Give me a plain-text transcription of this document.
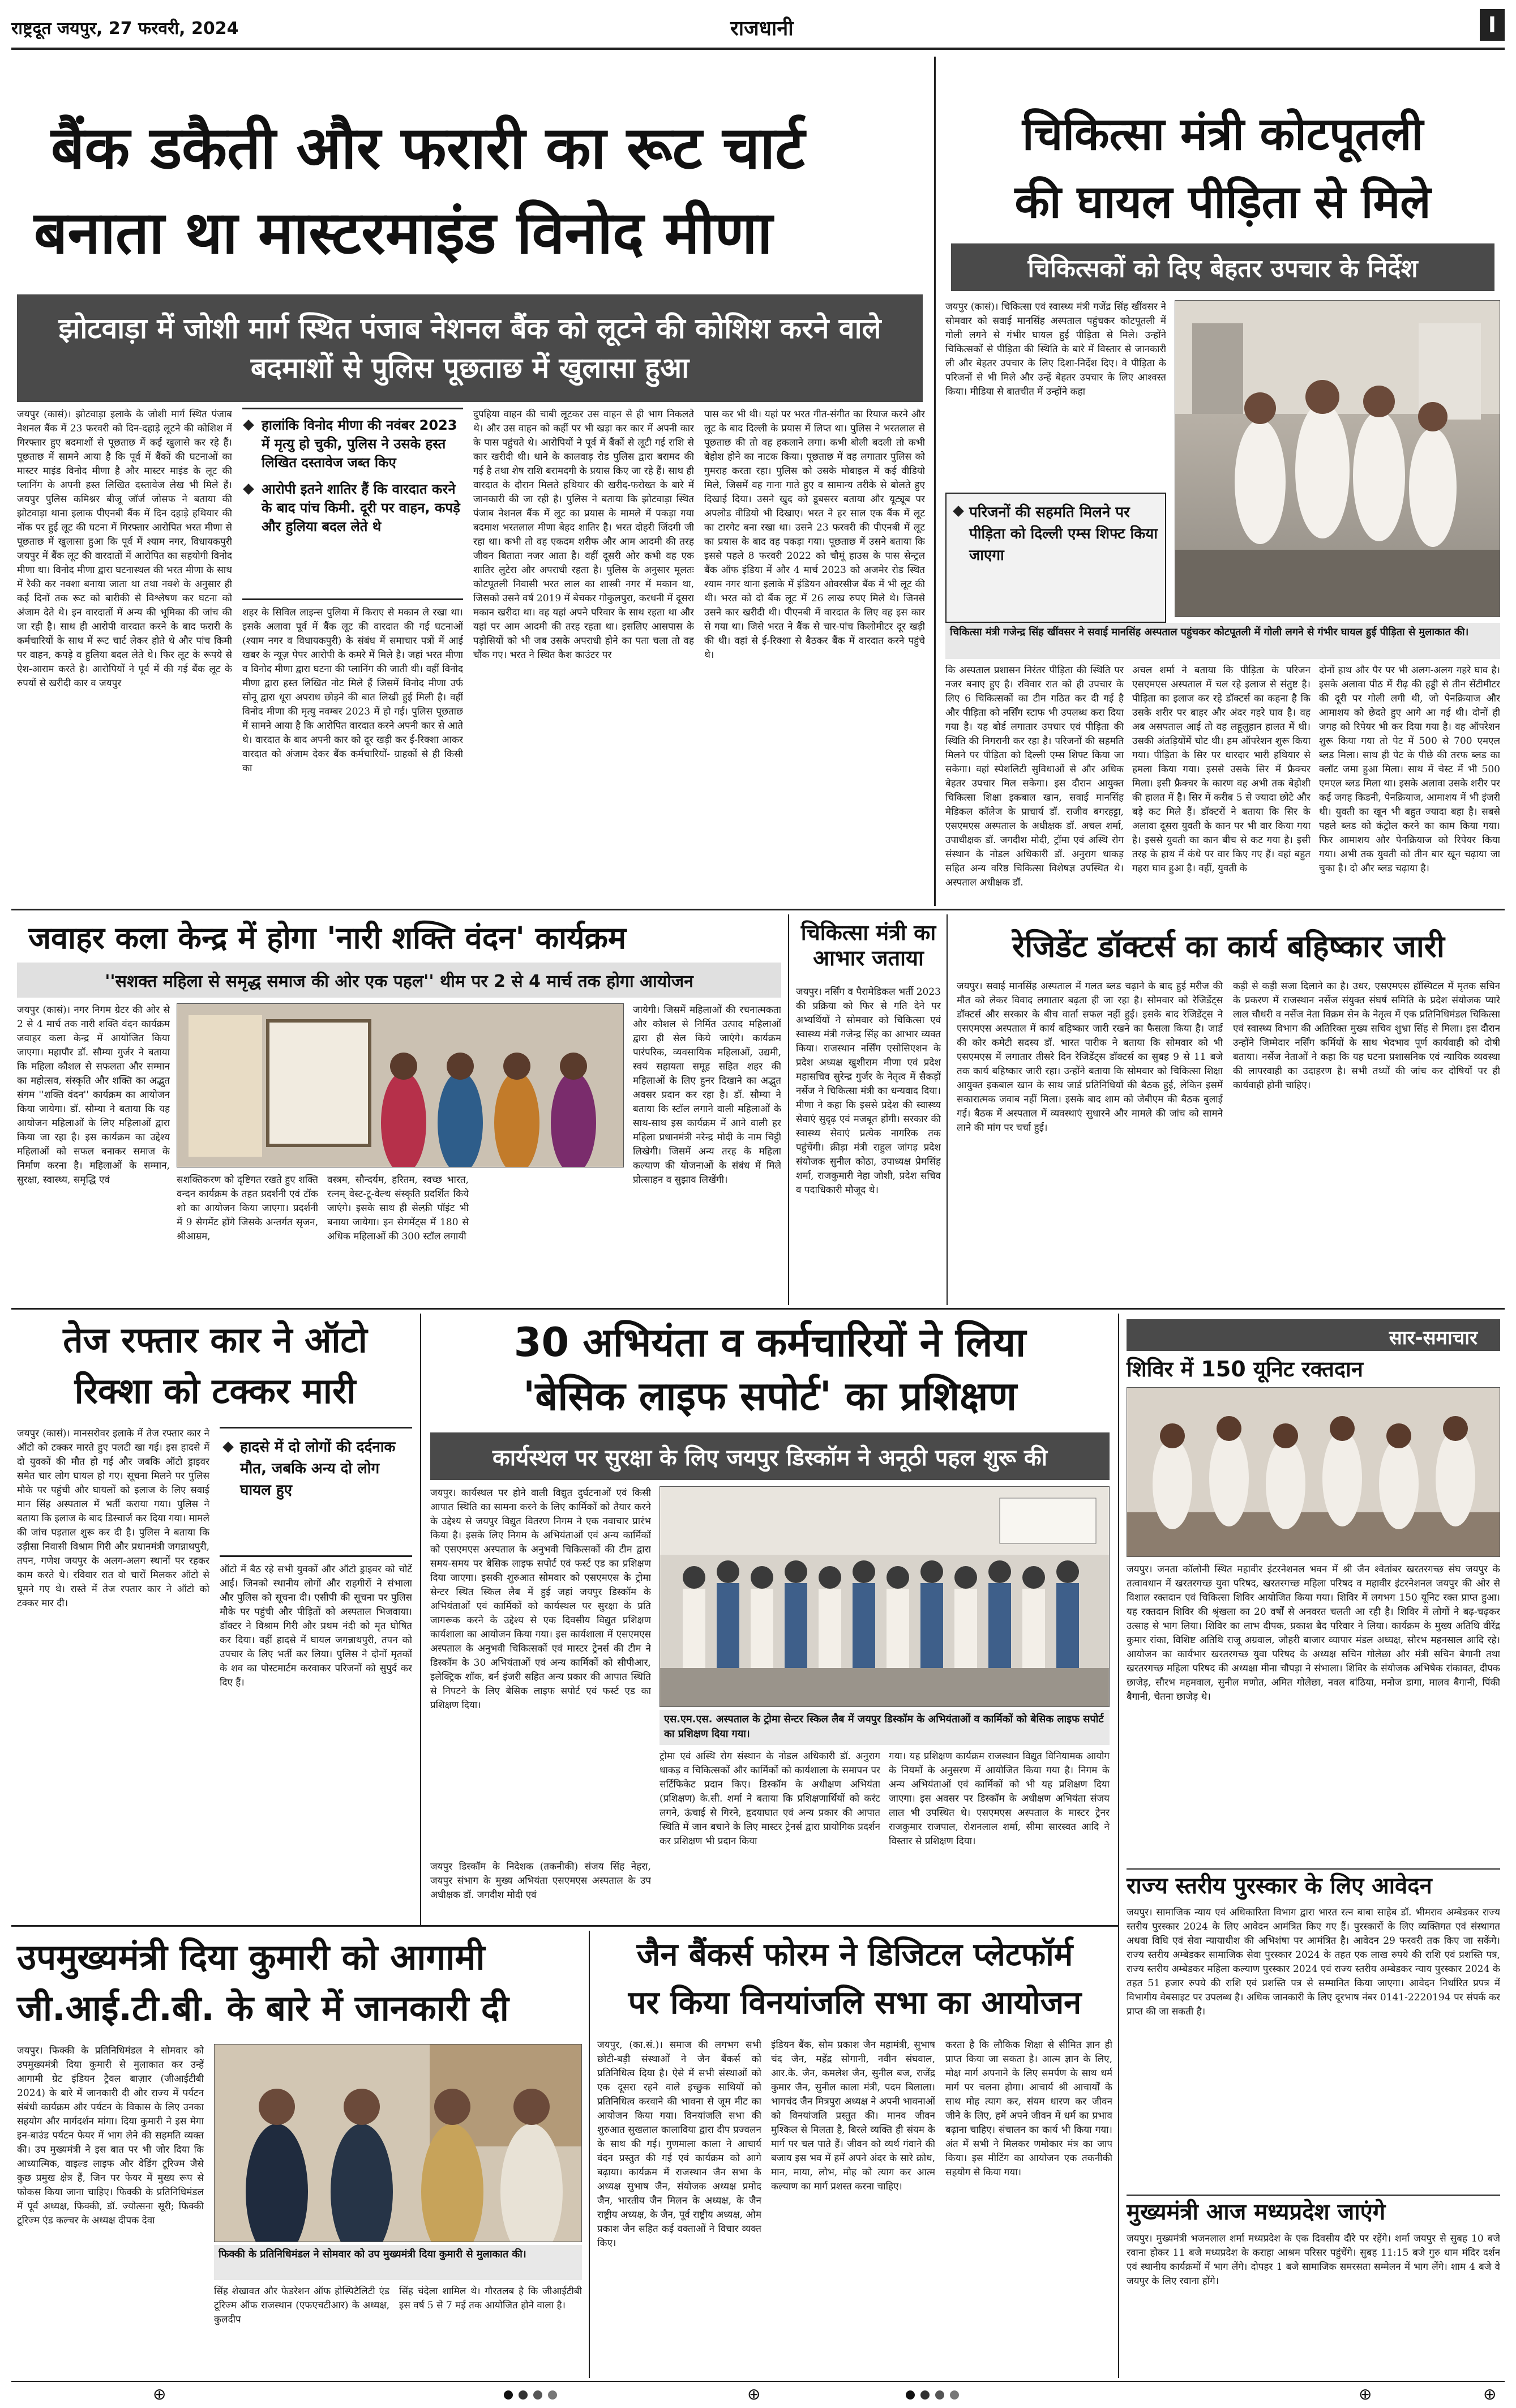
राष्ट्रदूत जयपुर, 27 फरवरी, 2024	राजधानी	I
बैंक डकैती और फरारी का रूट चार्ट
बनाता था मास्टरमाइंड विनोद मीणा
झोटवाड़ा में जोशी मार्ग स्थित पंजाब नेशनल बैंक को लूटने की कोशिश करने वाले बदमाशों से पुलिस पूछताछ में खुलासा हुआ
जयपुर (कासं)। झोटवाड़ा इलाके के जोशी मार्ग स्थित पंजाब नेशनल बैंक में 23 फरवरी को दिन-दहाड़े लूटने की कोशिश में गिरफ्तार हुए बदमाशों से पूछताछ में कई खुलासे कर रहे हैं। पूछताछ में सामने आया है कि पूर्व में बैंकों की घटनाओं का मास्टर माइंड विनोद मीणा है और मास्टर माइंड के लूट की प्लानिंग के अपनी हस्त लिखित दस्तावेज लेख भी मिले हैं। जयपुर पुलिस कमिश्नर बीजू जॉर्ज जोसफ ने बताया की झोटवाड़ा थाना इलाक पीएनबी बैंक में दिन दहाड़े हथियार की नोंक पर हुई लूट की घटना में गिरफ्तार आरोपित भरत मीणा से पूछताछ में खुलासा हुआ कि पूर्व में श्याम नगर, विधायकपुरी जयपुर में बैंक लूट की वारदातों में आरोपित का सहयोगी विनोद मीणा था। विनोद मीणा द्वारा घटनास्थल की भरत मीणा के साथ में रैकी कर नक्शा बनाया जाता था तथा नक्शे के अनुसार ही कई दिनों तक रूट को बारीकी से विश्लेषण कर घटना को अंजाम देते थे। इन वारदातों में अन्य की भूमिका की जांच की जा रही है। साथ ही आरोपी वारदात करने के बाद फरारी के कर्मचारियों के साथ में रूट चार्ट लेकर होते थे और पांच किमी पर वाहन, कपड़े व हुलिया बदल लेते थे। फिर लूट के रूपये से ऐश-आराम करते है। आरोपियों ने पूर्व में की गई बैंक लूट के रुपयों से खरीदी कार व जयपुर
हालांकि विनोद मीणा की नवंबर 2023 में मृत्यु हो चुकी, पुलिस ने उसके हस्त लिखित दस्तावेज जब्त किए
आरोपी इतने शातिर हैं कि वारदात करने के बाद पांच किमी. दूरी पर वाहन, कपड़े और हुलिया बदल लेते थे
शहर के सिविल लाइन्स पुलिया में किराए से मकान ले रखा था। इसके अलावा पूर्व में बैंक लूट की वारदात की गई घटनाओं (श्याम नगर व विधायकपुरी) के संबंध में समाचार पत्रों में आई खबर के न्यूज़ पेपर आरोपी के कमरे में मिले है। जहां भरत मीणा व विनोद मीणा द्वारा घटना की प्लानिंग की जाती थी। वहीं विनोद मीणा द्वारा हस्त लिखित नोट मिले हैं जिसमें विनोद मीणा उर्फ सोनू द्वारा धूरा अपराध छोड़ने की बात लिखी हुई मिली है। वहीं विनोद मीणा की मृत्यु नवम्बर 2023 में हो गई। पुलिस पूछताछ में सामने आया है कि आरोपित वारदात करने अपनी कार से आते थे। वारदात के बाद अपनी कार को दूर खड़ी कर ई-रिक्शा आकर वारदात को अंजाम देकर बैंक कर्मचारियों- ग्राहकों से ही किसी का
दुपहिया वाहन की चाबी लूटकर उस वाहन से ही भाग निकलते थे। और उस वाहन को कहीं पर भी खड़ा कर कार में अपनी कार के पास पहुंचते थे। आरोपियों ने पूर्व में बैंकों से लूटी गई राशि से कार खरीदी थी। थाने के कालवाड़ रोड पुलिस द्वारा बरामद की गई है तथा शेष राशि बरामदगी के प्रयास किए जा रहे हैं। साथ ही वारदात के दौरान मिलते हथियार की खरीद-फरोख्त के बारे में जानकारी की जा रही है। पुलिस ने बताया कि झोटवाड़ा स्थित पंजाब नेशनल बैंक में लूट का प्रयास के मामले में पकड़ा गया बदमाश भरतलाल मीणा बेहद शातिर है। भरत दोहरी जिंदगी जी रहा था। कभी तो वह एकदम शरीफ और आम आदमी की तरह जीवन बिताता नजर आता है। वहीं दूसरी ओर कभी वह एक शातिर लुटेरा और अपराधी रहता है। पुलिस के अनुसार मूलतः कोटपूतली निवासी भरत लाल का शास्त्री नगर में मकान था, जिसको उसने वर्ष 2019 में बेचकर गोकुलपुरा, करधनी में दूसरा मकान खरीदा था। वह यहां अपने परिवार के साथ रहता था और यहां पर आम आदमी की तरह रहता था। इसलिए आसपास के पड़ोसियों को भी जब उसके अपराधी होने का पता चला तो वह चौंक गए। भरत ने स्थित कैश काउंटर पर
पास कर भी थी। यहां पर भरत गीत-संगीत का रियाज करने और लूट के बाद दिल्ली के प्रयास में लिप्त था। पुलिस ने भरतलाल से पूछताछ की तो वह हकलाने लगा। कभी बोली बदली तो कभी बेहोश होने का नाटक किया। पूछताछ में वह लगातार पुलिस को गुमराह करता रहा। पुलिस को उसके मोबाइल में कई वीडियो मिले, जिसमें वह गाना गाते हुए व सामान्य तरीके से बोलते हुए दिखाई दिया। उसने खुद को डूबसरर बताया और यूट्यूब पर अपलोड वीडियो भी दिखाए। भरत ने हर साल एक बैंक में लूट का टारगेट बना रखा था। उसने 23 फरवरी की पीएनबी में लूट का प्रयास के बाद वह पकड़ा गया। पूछताछ में उसने बताया कि इससे पहले 8 फरवरी 2022 को चौमूं हाउस के पास सेन्ट्रल बैंक ऑफ इंडिया में और 4 मार्च 2023 को अजमेर रोड स्थित श्याम नगर थाना इलाके में इंडियन ओवरसीज बैंक में भी लूट की थी। भरत को दो बैंक लूट में 26 लाख रुपए मिले थे। जिनसे उसने कार खरीदी थी। पीएनबी में वारदात के लिए वह इस कार से गया था। जिसे भरत ने बैंक से चार-पांच किलोमीटर दूर खड़ी की थी। वहां से ई-रिक्शा से बैठकर बैंक में वारदात करने पहुंचे थे।
चिकित्सा मंत्री कोटपूतली
की घायल पीड़िता से मिले
चिकित्सकों को दिए बेहतर उपचार के निर्देश
जयपुर (कासं)। चिकित्सा एवं स्वास्थ्य मंत्री गजेंद्र सिंह खींवसर ने सोमवार को सवाई मानसिंह अस्पताल पहुंचकर कोटपूतली में गोली लगने से गंभीर घायल हुई पीड़िता से मिले। उन्होंने चिकित्सकों से पीड़िता की स्थिति के बारे में विस्तार से जानकारी ली और बेहतर उपचार के लिए दिशा-निर्देश दिए। वे पीड़िता के परिजनों से भी मिले और उन्हें बेहतर उपचार के लिए आश्वस्त किया। मीडिया से बातचीत में उन्होंने कहा
परिजनों की सहमति मिलने पर पीड़िता को दिल्ली एम्स शिफ्ट किया जाएगा
चिकित्सा मंत्री गजेन्द्र सिंह खींवसर ने सवाई मानसिंह अस्पताल पहुंचकर कोटपूतली में गोली लगने से गंभीर घायल हुई पीड़िता से मुलाकात की।
कि अस्पताल प्रशासन निरंतर पीड़िता की स्थिति पर नजर बनाए हुए है। रविवार रात को ही उपचार के लिए 6 चिकित्सकों का टीम गठित कर दी गई है और पीड़िता को नर्सिंग स्टाफ भी उपलब्ध करा दिया गया है। यह बोर्ड लगातार उपचार एवं पीड़िता की स्थिति की निगरानी कर रहा है। परिजनों की सहमति मिलने पर पीड़िता को दिल्ली एम्स शिफ्ट किया जा सकेगा। वहां स्पेशलिटी सुविधाओं से और अधिक बेहतर उपचार मिल सकेगा। इस दौरान आयुक्त चिकित्सा शिक्षा इकबाल खान, सवाई मानसिंह मेडिकल कॉलेज के प्राचार्य डॉ. राजीव बगरहट्टा, एसएमएस अस्पताल के अधीक्षक डॉ. अचल शर्मा, उपाधीक्षक डॉ. जगदीश मोदी, ट्रॉमा एवं अस्थि रोग संस्थान के नोडल अधिकारी डॉ. अनुराग धाकड़ सहित अन्य वरिष्ठ चिकित्सा विशेषज्ञ उपस्थित थे। अस्पताल अधीक्षक डॉ.
अचल शर्मा ने बताया कि पीड़िता के परिजन एसएमएस अस्पताल में चल रहे इलाज से संतुष्ट है। पीड़िता का इलाज कर रहे डॉक्टर्स का कहना है कि उसके शरीर पर बाहर और अंदर गहरे घाव है। वह अब असपताल आई तो वह लहूलुहान हालत में थी। उसकी अंतड़ियोंमें चोट थी। हम ऑपरेशन शुरू किया गया। पीड़िता के सिर पर धारदार भारी हथियार से हमला किया गया। इससे उसके सिर में फ्रैक्चर मिला। इसी फ्रैक्चर के कारण वह अभी तक बेहोशी की हालत में है। सिर में करीब 5 से ज्यादा छोटे और बड़े कट मिले हैं। डॉक्टरों ने बताया कि सिर के अलावा दूसरा युवती के कान पर भी वार किया गया है। इससे युवती का कान बीच से कट गया है। इसी तरह के हाथ में कंधे पर वार किए गए हैं। वहां बहुत गहरा घाव हुआ है। वहीं, युवती के
दोनों हाथ और पैर पर भी अलग-अलग गहरे घाव है। इसके अलावा पीठ में रीढ़ की हड्डी से तीन सेंटीमीटर की दूरी पर गोली लगी थी, जो पेनक्रियाज और आमाशय को छेदते हुए आगे आ गई थी। दोनों ही जगह को रिपेयर भी कर दिया गया है। वह ऑपरेशन शुरू किया गया तो पेट में 500 से 700 एमएल ब्लड मिला। साथ ही पेट के पीछे की तरफ ब्लड का क्लॉट जमा हुआ मिला। साथ में चेस्ट में भी 500 एमएल ब्लड मिला था। इसके अलावा उसके शरीर पर कई जगह किडनी, पेनक्रियाज, आमाशय में भी इंजरी थी। युवती का खून भी बहुत ज्यादा बहा है। सबसे पहले ब्लड को कंट्रोल करने का काम किया गया। फिर आमाशय और पेनक्रियाज को रिपेयर किया गया। अभी तक युवती को तीन बार खून चढ़ाया जा चुका है। दो और ब्लड चढ़ाया है।
जवाहर कला केन्द्र में होगा 'नारी शक्ति वंदन' कार्यक्रम
''सशक्त महिला से समृद्ध समाज की ओर एक पहल'' थीम पर 2 से 4 मार्च तक होगा आयोजन
जयपुर (कासं)। नगर निगम ग्रेटर की ओर से 2 से 4 मार्च तक नारी शक्ति वंदन कार्यक्रम जवाहर कला केन्द्र में आयोजित किया जाएगा। महापौर डॉ. सौम्या गुर्जर ने बताया कि महिला कौशल से सफलता और सम्मान का महोत्सव, संस्कृति और शक्ति का अद्भुत संगम ''शक्ति वंदन'' कार्यक्रम का आयोजन किया जायेगा। डॉ. सौम्या ने बताया कि यह आयोजन महिलाओं के लिए महिलाओं द्वारा किया जा रहा है। इस कार्यक्रम का उद्देश्य महिलाओं को सफल बनाकर समाज के निर्माण करना है। महिलाओं के सम्मान, सुरक्षा, स्वास्थ्य, समृद्धि एवं	सशक्तिकरण को दृष्टिगत रखते हुए शक्ति वन्दन कार्यक्रम के तहत प्रदर्शनी एवं टॉक शो का आयोजन किया जाएगा। प्रदर्शनी में 9 सेगमेंट होंगे जिसके अन्तर्गत सृजन, श्रीआम्रम,
वस्त्रम, सौन्दर्यम, हरितम, स्वच्छ भारत, रत्नम् वेस्ट-टू-वेल्थ संस्कृति प्रदर्शित किये जाएंगे। इसके साथ ही सेल्फ़ी पॉइंट भी बनाया जायेगा। इन सेगमेंट्स में 180 से अधिक महिलाओं की 300 स्टॉल लगायी
जायेगी। जिसमें महिलाओं की रचनात्मकता और कौशल से निर्मित उत्पाद महिलाओं द्वारा ही सेल किये जाएंगे। कार्यक्रम पारंपरिक, व्यवसायिक महिलाओं, उद्यमी, स्वयं सहायता समूह सहित शहर की महिलाओं के लिए हुनर दिखाने का अद्भुत अवसर प्रदान कर रहा है। डॉ. सौम्या ने बताया कि स्टॉल लगाने वाली महिलाओं के साथ-साथ इस कार्यक्रम में आने वाली हर महिला प्रधानमंत्री नरेन्द्र मोदी के नाम चिट्ठी लिखेगी। जिसमें अन्य तरह के महिला कल्याण की योजनाओं के संबंध में मिले प्रोत्साहन व सुझाव लिखेंगी।
चिकित्सा मंत्री का आभार जताया
जयपुर। नर्सिंग व पैरामेडिकल भर्ती 2023 की प्रक्रिया को फिर से गति देने पर अभ्यर्थियों ने सोमवार को चिकित्सा एवं स्वास्थ्य मंत्री गजेन्द्र सिंह का आभार व्यक्त किया। राजस्थान नर्सिंग एसोसिएशन के प्रदेश अध्यक्ष खुशीराम मीणा एवं प्रदेश महासचिव सुरेन्द्र गुर्जर के नेतृत्व में सैकड़ों नर्सेज ने चिकित्सा मंत्री का धन्यवाद दिया। मीणा ने कहा कि इससे प्रदेश की स्वास्थ्य सेवाएं सुदृढ़ एवं मजबूत होंगी। सरकार की स्वास्थ्य सेवाएं प्रत्येक नागरिक तक पहुंचेंगी। क्रीड़ा मंत्री राहुल जांगड़ प्रदेश संयोजक सुनील कोठा, उपाध्यक्ष प्रेमसिंह शर्मा, राजकुमारी नेहा जोशी, प्रदेश सचिव व पदाधिकारी मौजूद थे।
रेजिडेंट डॉक्टर्स का कार्य बहिष्कार जारी
जयपुर। सवाई मानसिंह अस्पताल में गलत ब्लड चढ़ाने के बाद हुई मरीज की मौत को लेकर विवाद लगातार बढ़ता ही जा रहा है। सोमवार को रेजिडेंट्स डॉक्टर्स और सरकार के बीच वार्ता सफल नहीं हुई। इसके बाद रेजिडेंट्स ने एसएमएस अस्पताल में कार्य बहिष्कार जारी रखने का फैसला किया है। जार्ड की कोर कमेटी सदस्य डॉ. भारत पारीक ने बताया कि सोमवार को भी एसएमएस में लगातार तीसरे दिन रेजिडेंट्स डॉक्टर्स का सुबह 9 से 11 बजे तक कार्य बहिष्कार जारी रहा। उन्होंने बताया कि सोमवार को चिकित्सा शिक्षा आयुक्त इकबाल खान के साथ जार्ड प्रतिनिधियों की बैठक हुई, लेकिन इसमें सकारात्मक जवाब नहीं मिला। इसके बाद शाम को जेबीएम की बैठक बुलाई गई। बैठक में अस्पताल में व्यवस्थाएं सुधारने और मामले की जांच को सामने लाने की मांग पर चर्चा हुई।
कड़ी से कड़ी सजा दिलाने का है। उधर, एसएमएस हॉस्पिटल में मृतक सचिन के प्रकरण में राजस्थान नर्सेज संयुक्त संघर्ष समिति के प्रदेश संयोजक प्यारे लाल चौधरी व नर्सेज नेता विक्रम सेन के नेतृत्व में एक प्रतिनिधिमंडल चिकित्सा एवं स्वास्थ्य विभाग की अतिरिक्त मुख्य सचिव शुभ्रा सिंह से मिला। इस दौरान उन्होंने जिम्मेदार नर्सिंग कर्मियों के साथ भेदभाव पूर्ण कार्यवाही को दोषी बताया। नर्सेज नेताओं ने कहा कि यह घटना प्रशासनिक एवं न्यायिक व्यवस्था की लापरवाही का उदाहरण है। सभी तथ्यों की जांच कर दोषियों पर ही कार्यवाही होनी चाहिए।
तेज रफ्तार कार ने ऑटो
रिक्शा को टक्कर मारी
जयपुर (कासं)। मानसरोवर इलाके में तेज रफ्तार कार ने ऑटो को टक्कर मारते हुए पलटी खा गई। इस हादसे में दो युवकों की मौत हो गई और जबकि ऑटो ड्राइवर समेत चार लोग घायल हो गए। सूचना मिलने पर पुलिस मौके पर पहुंची और घायलों को इलाज के लिए सवाई मान सिंह अस्पताल में भर्ती कराया गया। पुलिस ने बताया कि इलाज के बाद डिस्चार्ज कर दिया गया। मामले की जांच पड़ताल शुरू कर दी है। पुलिस ने बताया कि उड़ीसा निवासी विश्राम गिरी और प्रधानमंत्री जगन्नाथपुरी, तपन, गणेश जयपुर के अलग-अलग स्थानों पर रहकर काम करते थे। रविवार रात वो चारों मिलकर ऑटो से घूमने गए थे। रास्ते में तेज रफ्तार कार ने ऑटो को टक्कर मार दी।
हादसे में दो लोगों की दर्दनाक मौत, जबकि अन्य दो लोग घायल हुए
ऑटो में बैठ रहे सभी युवकों और ऑटो ड्राइवर को चोटें आई। जिनको स्थानीय लोगों और राहगीरों ने संभाला और पुलिस को सूचना दी। एसीपी की सूचना पर पुलिस मौके पर पहुंची और पीड़ितों को अस्पताल भिजवाया। डॉक्टर ने विश्राम गिरी और प्रथम नंदी को मृत घोषित कर दिया। वहीं हादसे में घायल जगन्नाथपुरी, तपन को उपचार के लिए भर्ती कर लिया। पुलिस ने दोनों मृतकों के शव का पोस्टमार्टम करवाकर परिजनों को सुपुर्द कर दिए हैं।
30 अभियंता व कर्मचारियों ने लिया
'बेसिक लाइफ सपोर्ट' का प्रशिक्षण
कार्यस्थल पर सुरक्षा के लिए जयपुर डिस्कॉम ने अनूठी पहल शुरू की
जयपुर। कार्यस्थल पर होने वाली विद्युत दुर्घटनाओं एवं किसी आपात स्थिति का सामना करने के लिए कार्मिकों को तैयार करने के उद्देश्य से जयपुर विद्युत वितरण निगम ने एक नवाचार प्रारंभ किया है। इसके लिए निगम के अभियंताओं एवं अन्य कार्मिकों को एसएमएस अस्पताल के अनुभवी चिकित्सकों की टीम द्वारा समय-समय पर बेसिक लाइफ सपोर्ट एवं फर्स्ट एड का प्रशिक्षण दिया जाएगा। इसकी शुरुआत सोमवार को एसएमएस के ट्रोमा सेन्टर स्थित स्किल लैब में हुई जहां जयपुर डिस्कॉम के अभियंताओं एवं कार्मिकों को कार्यस्थल पर सुरक्षा के प्रति जागरूक करने के उद्देश्य से एक दिवसीय विद्युत प्रशिक्षण कार्यशाला का आयोजन किया गया। इस कार्यशाला में एसएमएस अस्पताल के अनुभवी चिकित्सकों एवं मास्टर ट्रेनर्स की टीम ने डिस्कॉम के 30 अभियंताओं एवं अन्य कार्मिकों को सीपीआर, इलेक्ट्रिक शॉक, बर्न इंजरी सहित अन्य प्रकार की आपात स्थिति से निपटने के लिए बेसिक लाइफ सपोर्ट एवं फर्स्ट एड का प्रशिक्षण दिया।
एस.एम.एस. अस्पताल के ट्रोमा सेन्टर स्किल लैब में जयपुर डिस्कॉम के अभियंताओं व कार्मिकों को बेसिक लाइफ सपोर्ट का प्रशिक्षण दिया गया।
जयपुर डिस्कॉम के निदेशक (तकनीकी) संजय सिंह नेहरा, जयपुर संभाग के मुख्य अभियंता एसएमएस अस्पताल के उप अधीक्षक डॉ. जगदीश मोदी एवं
ट्रोमा एवं अस्थि रोग संस्थान के नोडल अधिकारी डॉ. अनुराग धाकड़ व चिकित्सकों और कार्मिकों को कार्यशाला के समापन पर सर्टिफिकेट प्रदान किए। डिस्कॉम के अधीक्षण अभियंता (प्रशिक्षण) के.सी. शर्मा ने बताया कि प्रशिक्षणार्थियों को करंट लगने, ऊंचाई से गिरने, हृदयाघात एवं अन्य प्रकार की आपात स्थिति में जान बचाने के लिए मास्टर ट्रेनर्स द्वारा प्रायोगिक प्रदर्शन कर प्रशिक्षण भी प्रदान किया
गया। यह प्रशिक्षण कार्यक्रम राजस्थान विद्युत विनियामक आयोग के नियमों के अनुसरण में आयोजित किया गया है। निगम के अन्य अभियंताओं एवं कार्मिकों को भी यह प्रशिक्षण दिया जाएगा। इस अवसर पर डिस्कॉम के अधीक्षण अभियंता संजय लाल भी उपस्थित थे। एसएमएस अस्पताल के मास्टर ट्रेनर राजकुमार राजपाल, रोशनलाल शर्मा, सीमा सारस्वत आदि ने विस्तार से प्रशिक्षण दिया।
सार-समाचार
शिविर में 150 यूनिट रक्तदान
जयपुर। जनता कॉलोनी स्थित महावीर इंटरनेशनल भवन में श्री जैन श्वेतांबर खरतरगच्छ संघ जयपुर के तत्वावधान में खरतरगच्छ युवा परिषद, खरतरगच्छ महिला परिषद व महावीर इंटरनेशनल जयपुर की ओर से विशाल रक्तदान एवं चिकित्सा शिविर आयोजित किया गया। शिविर में लगभग 150 यूनिट रक्त प्राप्त हुआ। यह रक्तदान शिविर की श्रृंखला का 20 वर्षों से अनवरत चलती आ रही है। शिविर में लोगों ने बढ़-चढ़कर उत्साह से भाग लिया। शिविर का लाभ दीपक, प्रकाश बैद परिवार ने लिया। कार्यक्रम के मुख्य अतिथि वीरेंद्र कुमार रांका, विशिष्ट अतिथि राजू अग्रवाल, जौहरी बाजार व्यापार मंडल अध्यक्ष, सौरभ महनसाल आदि रहे। आयोजन का कार्यभार खरतरगच्छ युवा परिषद के अध्यक्ष सचिन गोलेछा और मंत्री सचिन बेगानी तथा खरतरगच्छ महिला परिषद की अध्यक्षा मीना चौपड़ा ने संभाला। शिविर के संयोजक अभिषेक रांकावत, दीपक छाजेड़, सौरभ महमवाल, सुनील मणोत, अमित गोलेछा, नवल बांठिया, मनोज डागा, मालव बैगानी, पिंकी बैगानी, चेतना छाजेड़ थे।
राज्य स्तरीय पुरस्कार के लिए आवेदन
जयपुर। सामाजिक न्याय एवं अधिकारिता विभाग द्वारा भारत रत्न बाबा साहेब डॉ. भीमराव अम्बेडकर राज्य स्तरीय पुरस्कार 2024 के लिए आवेदन आमंत्रित किए गए हैं। पुरस्कारों के लिए व्यक्तिगत एवं संस्थागत अथवा विधि एवं सेवा न्यायाधीश की अभिशंषा पर आमंत्रित है। आवेदन 29 फरवरी तक किए जा सकेंगे। राज्य स्तरीय अम्बेडकर सामाजिक सेवा पुरस्कार 2024 के तहत एक लाख रुपये की राशि एवं प्रशस्ति पत्र, राज्य स्तरीय अम्बेडकर महिला कल्याण पुरस्कार 2024 एवं राज्य स्तरीय अम्बेडकर न्याय पुरस्कार 2024 के तहत 51 हजार रुपये की राशि एवं प्रशस्ति पत्र से सम्मानित किया जाएगा। आवेदन निर्धारित प्रपत्र में विभागीय वेबसाइट पर उपलब्ध है। अधिक जानकारी के लिए दूरभाष नंबर 0141-2220194 पर संपर्क कर प्राप्त की जा सकती है।
मुख्यमंत्री आज मध्यप्रदेश जाएंगे
जयपुर। मुख्यमंत्री भजनलाल शर्मा मध्यप्रदेश के एक दिवसीय दौरे पर रहेंगे। शर्मा जयपुर से सुबह 10 बजे रवाना होकर 11 बजे मध्यप्रदेश के कराहा आश्रम परिसर पहुंचेंगे। सुबह 11:15 बजे गुरु धाम मंदिर दर्शन एवं स्थानीय कार्यक्रमों में भाग लेंगे। दोपहर 1 बजे सामाजिक समरसता सम्मेलन में भाग लेंगे। शाम 4 बजे वे जयपुर के लिए रवाना होंगे।
उपमुख्यमंत्री दिया कुमारी को आगामी
जी.आई.टी.बी. के बारे में जानकारी दी
जयपुर। फिक्की के प्रतिनिधिमंडल ने सोमवार को उपमुख्यमंत्री दिया कुमारी से मुलाकात कर उन्हें आगामी ग्रेट इंडियन ट्रैवल बाज़ार (जीआईटीबी 2024) के बारे में जानकारी दी और राज्य में पर्यटन संबंधी कार्यक्रम और पर्यटन के विकास के लिए उनका सहयोग और मार्गदर्शन मांगा। दिया कुमारी ने इस मेगा इन-बाउंड पर्यटन फेयर में भाग लेने की सहमति व्यक्त की। उप मुख्यमंत्री ने इस बात पर भी जोर दिया कि आध्यात्मिक, वाइल्ड लाइफ और वेडिंग टूरिज्म जैसे कुछ प्रमुख क्षेत्र हैं, जिन पर फेयर में मुख्य रूप से फोकस किया जाना चाहिए। फिक्की के प्रतिनिधिमंडल में पूर्व अध्यक्ष, फिक्की, डॉ. ज्योत्सना सूरी; फिक्की टूरिज्म एंड कल्चर के अध्यक्ष दीपक देवा
फिक्की के प्रतिनिधिमंडल ने सोमवार को उप मुख्यमंत्री दिया कुमारी से मुलाकात की।
सिंह शेखावत और फेडरेशन ऑफ होस्पिटैलिटी एंड टूरिज्म ऑफ राजस्थान (एफएचटीआर) के अध्यक्ष, कुलदीप
सिंह चंदेला शामिल थे। गौरतलब है कि जीआईटीबी इस वर्ष 5 से 7 मई तक आयोजित होने वाला है।
जैन बैंकर्स फोरम ने डिजिटल प्लेटफॉर्म
पर किया विनयांजलि सभा का आयोजन
जयपुर, (का.सं.)। समाज की लगभग सभी छोटी-बड़ी संस्थाओं ने जैन बैंकर्स को प्रतिनिधित्व दिया है। ऐसे में सभी संस्थाओं को एक दूसरा रहने वाले इच्छुक साथियों को प्रतिनिधित्व करवाने की भावना से जूम मीट का आयोजन किया गया। विनयांजलि सभा की शुरुआत सुखलाल कालाविया द्वारा दीप प्रज्वलन के साथ की गई। गुणमाला काला ने आचार्य वंदन प्रस्तुत की गई एवं कार्यक्रम को आगे बढ़ाया। कार्यक्रम में राजस्थान जैन सभा के अध्यक्ष सुभाष जैन, संयोजक अध्यक्ष प्रमोद जैन, भारतीय जैन मिलन के अध्यक्ष, के जैन राष्ट्रीय अध्यक्ष, के जैन, पूर्व राष्ट्रीय अध्यक्ष, ओम प्रकाश जैन सहित कई वक्ताओं ने विचार व्यक्त किए।
इंडियन बैंक, सोम प्रकाश जैन महामंत्री, सुभाष चंद जैन, महेंद्र सोगानी, नवीन संघवाल, आर.के. जैन, कमलेश जैन, सुनील बज, राजेंद्र कुमार जैन, सुनील काला मंत्री, पदम बिलाला। भागचंद जैन मित्रपुरा अध्यक्ष ने अपनी भावनाओं को विनयांजलि प्रस्तुत की। मानव जीवन मुश्किल से मिलता है, बिरले व्यक्ति ही संयम के मार्ग पर चल पाते हैं। जीवन को व्यर्थ गंवाने की बजाय इस भव में हमें अपने अंदर के सारे क्रोध, मान, माया, लोभ, मोह को त्याग कर आत्म कल्याण का मार्ग प्रशस्त करना चाहिए।
करता है कि लौकिक शिक्षा से सीमित ज्ञान ही प्राप्त किया जा सकता है। आत्म ज्ञान के लिए, मोक्ष मार्ग अपनाने के लिए समर्पण के साथ धर्म मार्ग पर चलना होगा। आचार्य श्री आचार्यों के साथ मोह त्याग कर, संयम धारण कर जीवन जीने के लिए, हमें अपने जीवन में धर्म का प्रभाव बढ़ाना चाहिए। संचालन का कार्य भी किया गया। अंत में सभी ने मिलकर णमोकार मंत्र का जाप किया। इस मीटिंग का आयोजन एक तकनीकी सहयोग से किया गया।
⊕	⊕	⊕	⊕
